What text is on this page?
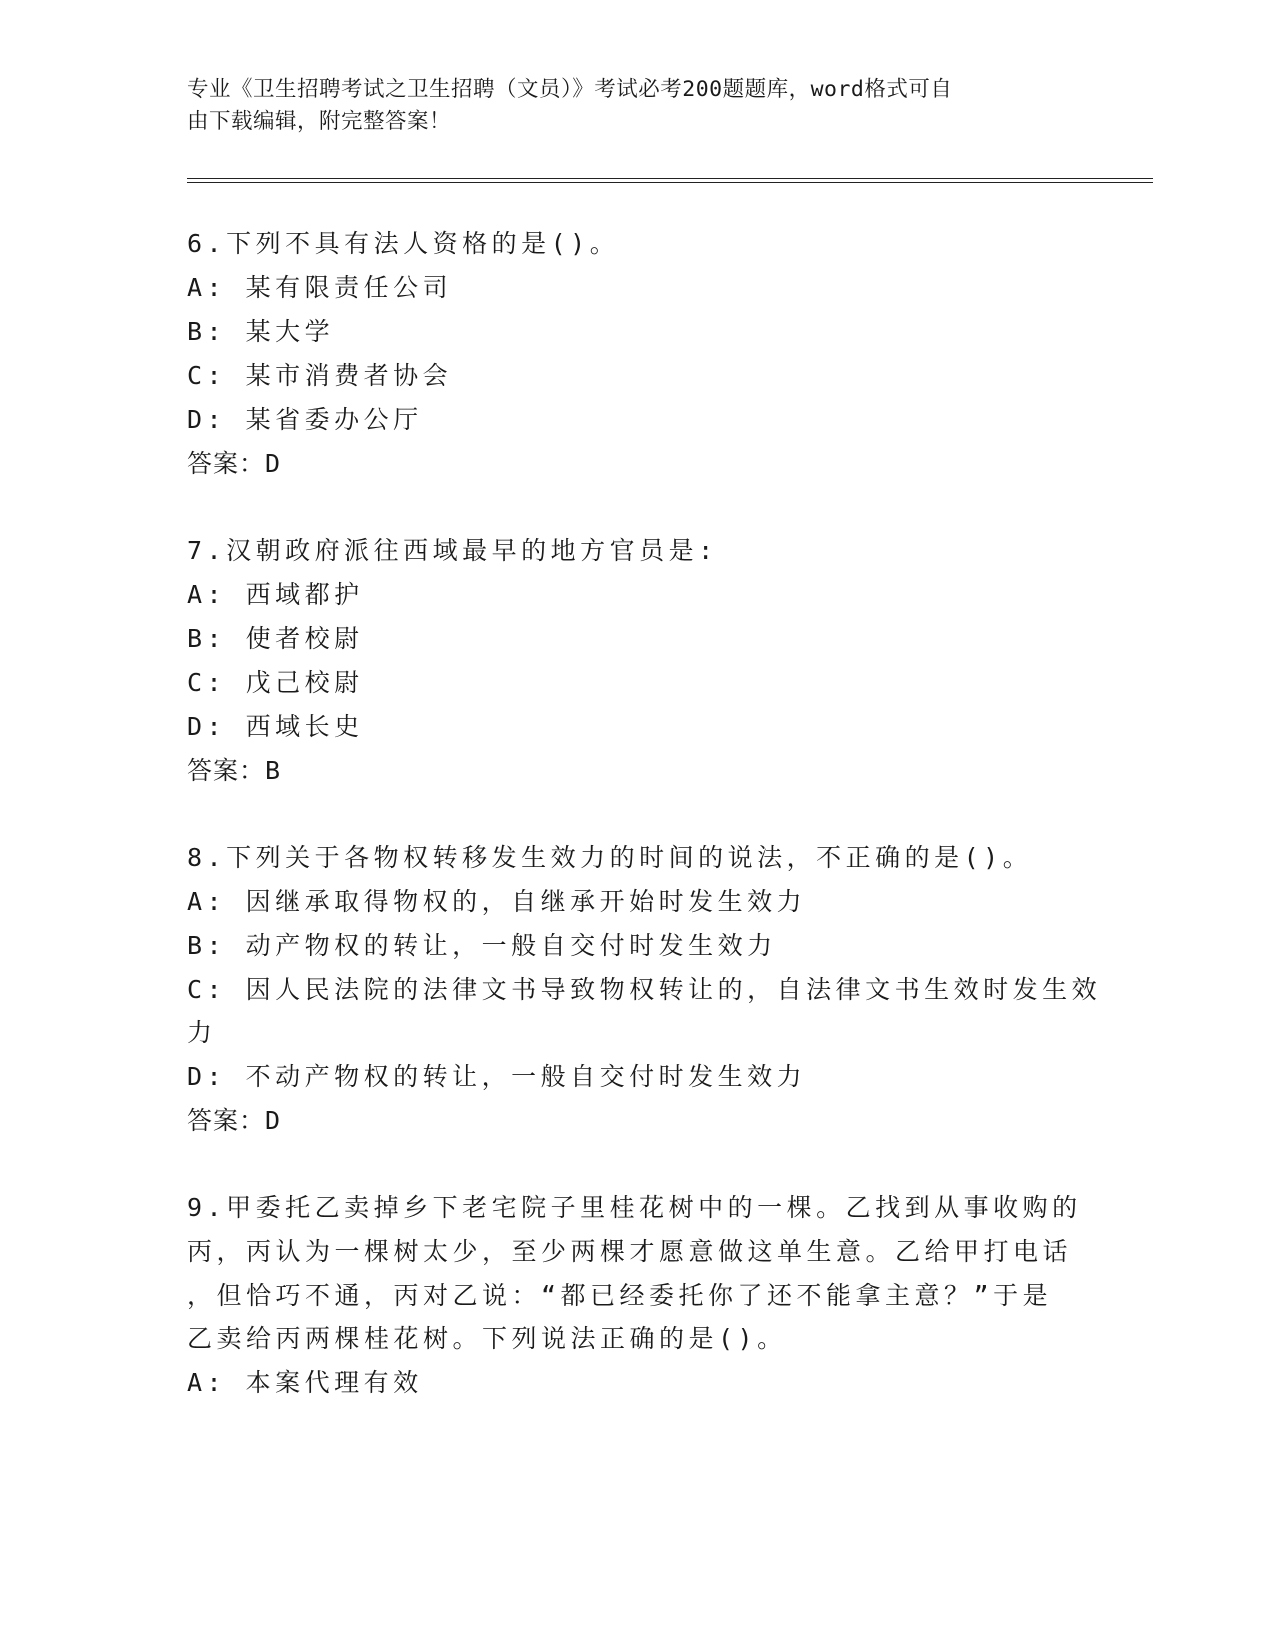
专业《卫生招聘考试之卫生招聘（文员）》考试必考200题题库，word格式可自
由下载编辑，附完整答案！
6.下列不具有法人资格的是()。
A: 某有限责任公司
B: 某大学
C: 某市消费者协会
D: 某省委办公厅
答案：D
7.汉朝政府派往西域最早的地方官员是:
A: 西域都护
B: 使者校尉
C: 戊己校尉
D: 西域长史
答案：B
8.下列关于各物权转移发生效力的时间的说法，不正确的是()。
A: 因继承取得物权的，自继承开始时发生效力
B: 动产物权的转让，一般自交付时发生效力
C: 因人民法院的法律文书导致物权转让的，自法律文书生效时发生效
力
D: 不动产物权的转让，一般自交付时发生效力
答案：D
9.甲委托乙卖掉乡下老宅院子里桂花树中的一棵。乙找到从事收购的
丙，丙认为一棵树太少，至少两棵才愿意做这单生意。乙给甲打电话
，但恰巧不通，丙对乙说：“都已经委托你了还不能拿主意？”于是
乙卖给丙两棵桂花树。下列说法正确的是()。
A: 本案代理有效
